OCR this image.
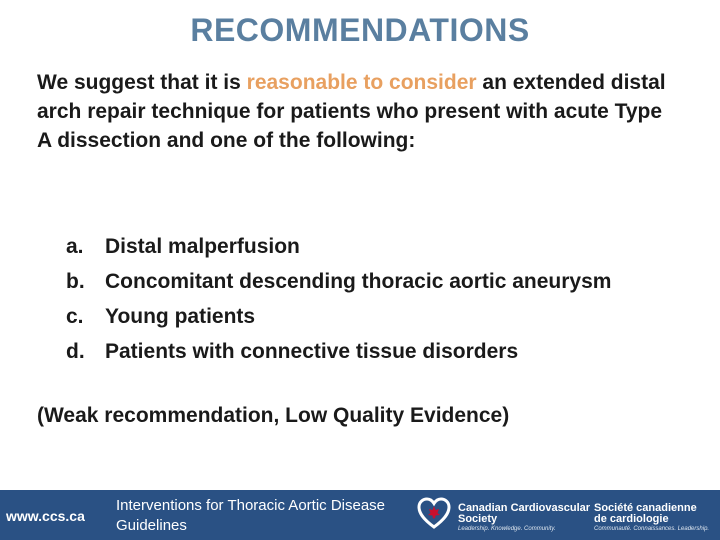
RECOMMENDATIONS

We suggest that it is reasonable to consider an extended distal arch repair technique for patients who present with acute Type A dissection and one of the following:

a.	Distal malperfusion
b. Concomitant descending thoracic aortic aneurysm
c.	Young patients
d. Patients with connective tissue disorders

(Weak recommendation, Low Quality Evidence)

www.ccs.ca
Interventions for Thoracic Aortic Disease Guidelines
Canadian Cardiovascular
Society
Leadership. Knowledge. Community.
Société canadienne
de cardiologie
Communauté. Connaissances. Leadership.
